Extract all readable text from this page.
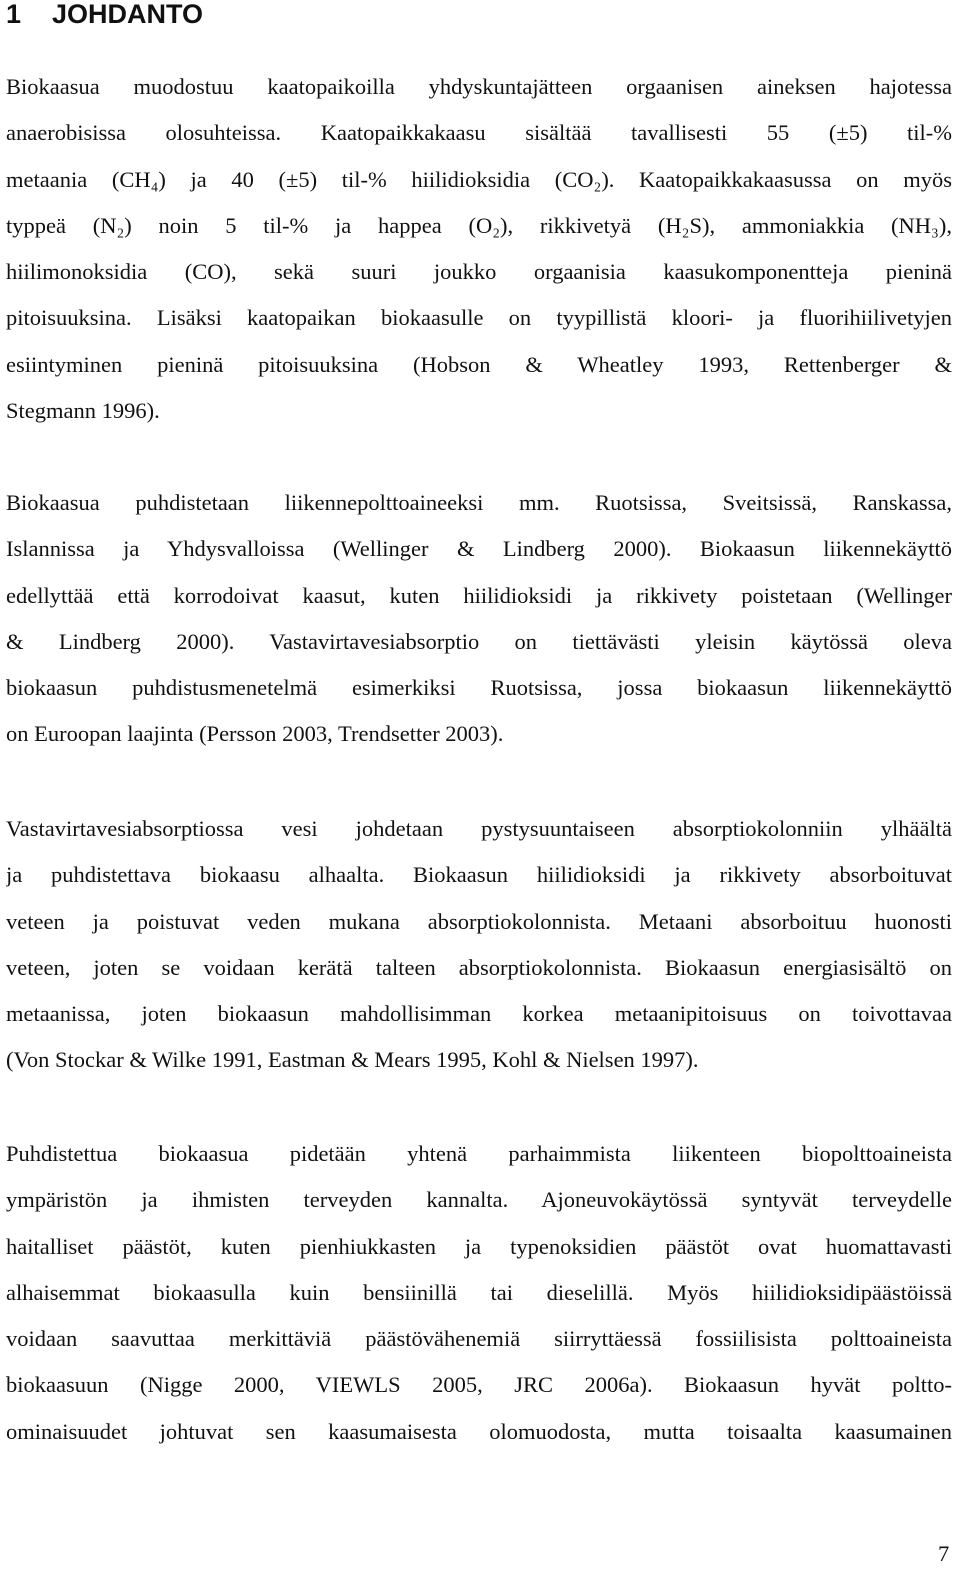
1 JOHDANTO
Biokaasua muodostuu kaatopaikoilla yhdyskuntajätteen orgaanisen aineksen hajotessa
anaerobisissa olosuhteissa. Kaatopaikkakaasu sisältää tavallisesti 55 (±5) til-%
metaania (CH₄) ja 40 (±5) til-% hiilidioksidia (CO₂). Kaatopaikkakaasussa on myös
typpeä (N₂) noin 5 til-% ja happea (O₂), rikkivetyä (H₂S), ammoniakkia (NH₃),
hiilimonoksidia (CO), sekä suuri joukko orgaanisia kaasukomponentteja pieninä
pitoisuuksina. Lisäksi kaatopaikan biokaasulle on tyypillistä kloori- ja fluorihiilivetyjen
esiintyminen pieninä pitoisuuksina (Hobson & Wheatley 1993, Rettenberger &
Stegmann 1996).
Biokaasua puhdistetaan liikennepolttoaineeksi mm. Ruotsissa, Sveitsissä, Ranskassa,
Islannissa ja Yhdysvalloissa (Wellinger & Lindberg 2000). Biokaasun liikennekäyttö
edellyttää että korrodoivat kaasut, kuten hiilidioksidi ja rikkivety poistetaan (Wellinger
& Lindberg 2000). Vastavirtavesiabsorptio on tiettävästi yleisin käytössä oleva
biokaasun puhdistusmenetelmä esimerkiksi Ruotsissa, jossa biokaasun liikennekäyttö
on Euroopan laajinta (Persson 2003, Trendsetter 2003).
Vastavirtavesiabsorptiossa vesi johdetaan pystysuuntaiseen absorptiokolonniin ylhäältä
ja puhdistettava biokaasu alhaalta. Biokaasun hiilidioksidi ja rikkivety absorboituvat
veteen ja poistuvat veden mukana absorptiokolonnista. Metaani absorboituu huonosti
veteen, joten se voidaan kerätä talteen absorptiokolonnista. Biokaasun energiasisältö on
metaanissa, joten biokaasun mahdollisimman korkea metaanipitoisuus on toivottavaa
(Von Stockar & Wilke 1991, Eastman & Mears 1995, Kohl & Nielsen 1997).
Puhdistettua biokaasua pidetään yhtenä parhaimmista liikenteen biopolttoaineista
ympäristön ja ihmisten terveyden kannalta. Ajoneuvokäytössä syntyvät terveydelle
haitalliset päästöt, kuten pienhiukkasten ja typenoksidien päästöt ovat huomattavasti
alhaisemmat biokaasulla kuin bensiinillä tai dieselillä. Myös hiilidioksidipäästöissä
voidaan saavuttaa merkittäviä päästövähenemiä siirryttäessä fossiilisista polttoaineista
biokaasuun (Nigge 2000, VIEWLS 2005, JRC 2006a). Biokaasun hyvät poltto-
ominaisuudet johtuvat sen kaasumaisesta olomuodosta, mutta toisaalta kaasumainen
7
